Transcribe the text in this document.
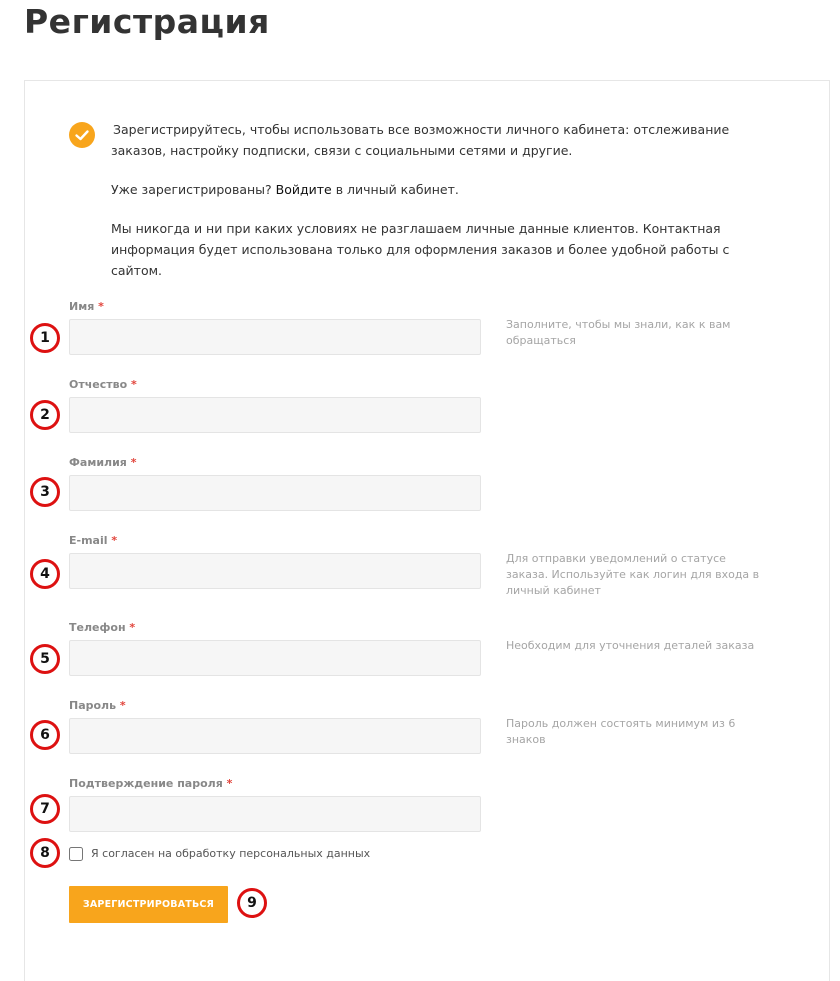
Регистрация

Зарегистрируйтесь, чтобы использовать все возможности личного кабинета: отслеживание заказов, настройку подписки, связи с социальными сетями и другие.

Уже зарегистрированы? Войдите в личный кабинет.

Мы никогда и ни при каких условиях не разглашаем личные данные клиентов. Контактная информация будет использована только для оформления заказов и более удобной работы с сайтом.

Имя *
Заполните, чтобы мы знали, как к вам обращаться
1
Отчество *
2
Фамилия *
3
E-mail *
Для отправки уведомлений о статусе заказа. Используйте как логин для входа в личный кабинет
4
Телефон *
Необходим для уточнения деталей заказа
5
Пароль *
Пароль должен состоять минимум из 6 знаков
6
Подтверждение пароля *
7
8	Я согласен на обработку персональных данных
ЗАРЕГИСТРИРОВАТЬСЯ	9
